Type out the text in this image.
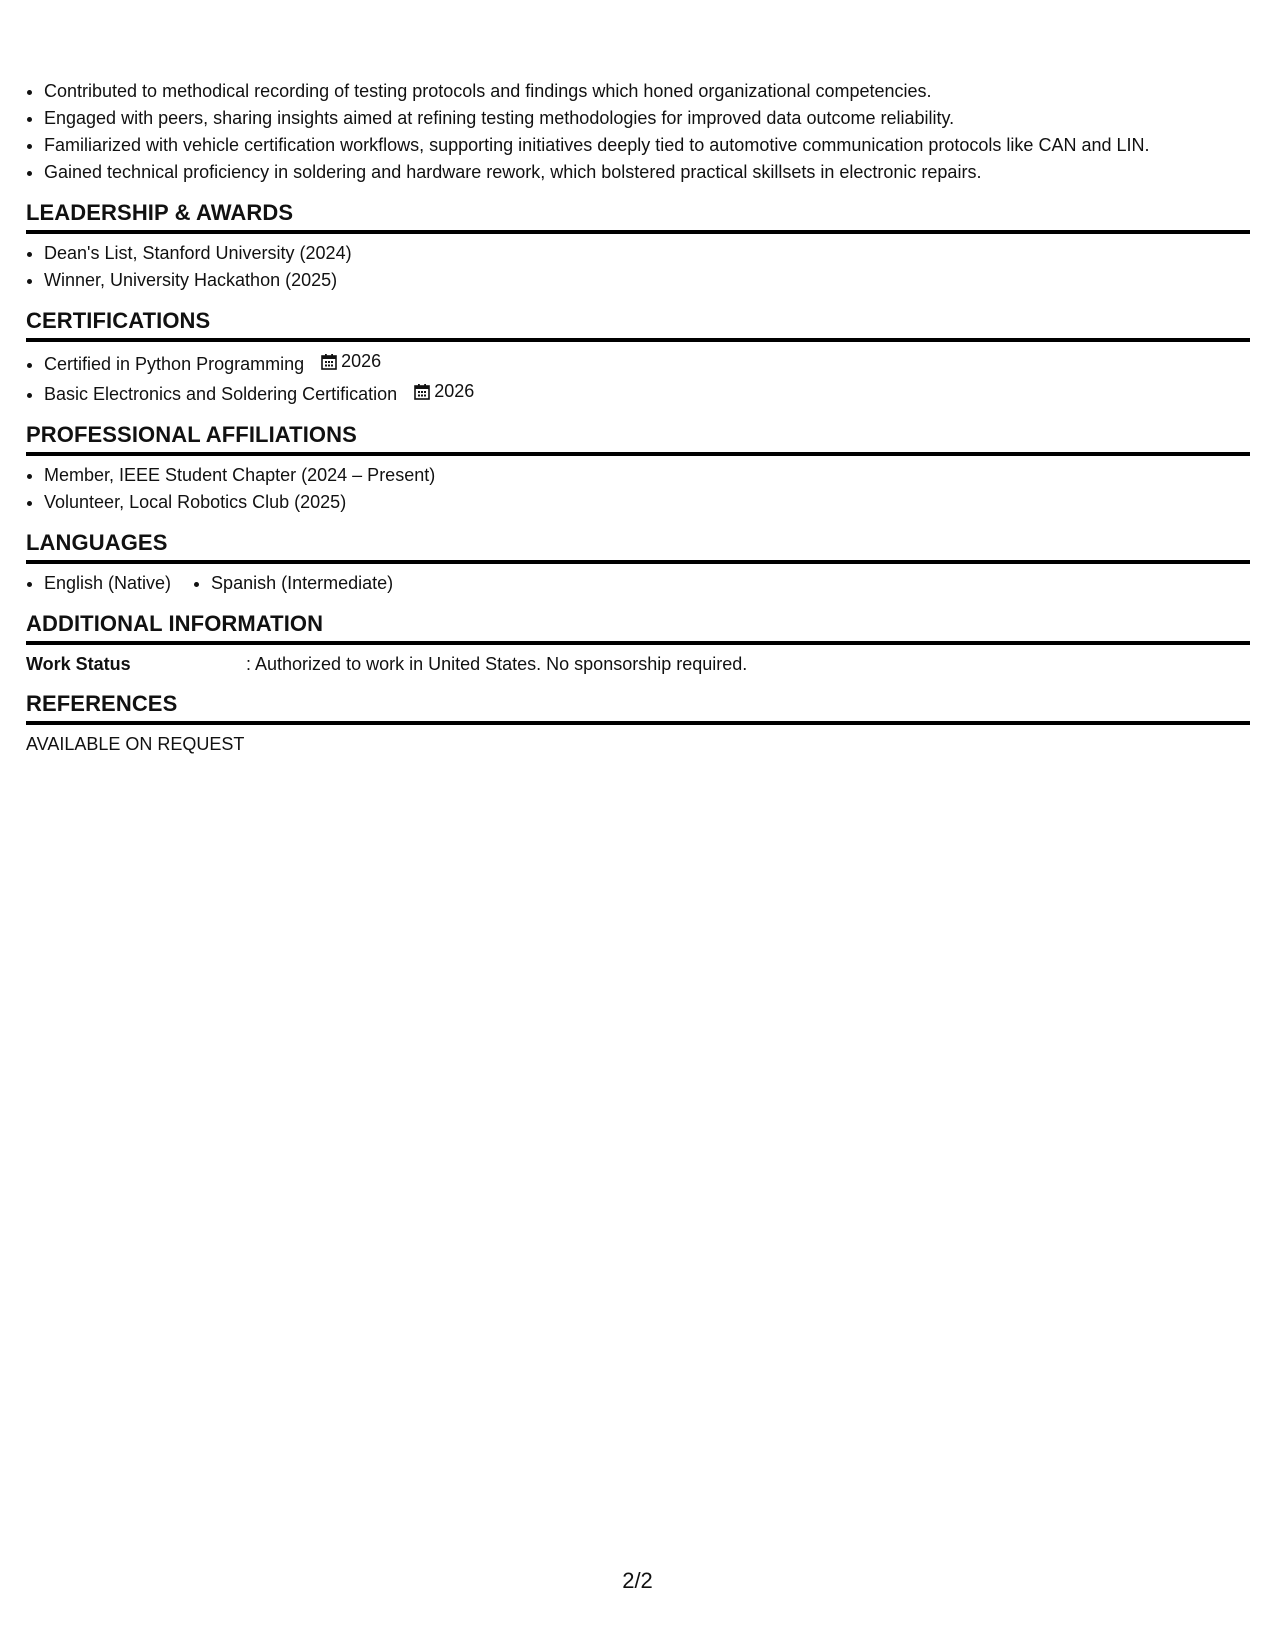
• Contributed to methodical recording of testing protocols and findings which honed organizational competencies.
• Engaged with peers, sharing insights aimed at refining testing methodologies for improved data outcome reliability.
• Familiarized with vehicle certification workflows, supporting initiatives deeply tied to automotive communication protocols like CAN and LIN.
• Gained technical proficiency in soldering and hardware rework, which bolstered practical skillsets in electronic repairs.
LEADERSHIP & AWARDS
• Dean's List, Stanford University (2024)
• Winner, University Hackathon (2025)
CERTIFICATIONS
• Certified in Python Programming 2026
• Basic Electronics and Soldering Certification 2026
PROFESSIONAL AFFILIATIONS
• Member, IEEE Student Chapter (2024 – Present)
• Volunteer, Local Robotics Club (2025)
LANGUAGES
• English (Native)
• Spanish (Intermediate)
ADDITIONAL INFORMATION
Work Status	: Authorized to work in United States. No sponsorship required.
REFERENCES
AVAILABLE ON REQUEST
2/2
